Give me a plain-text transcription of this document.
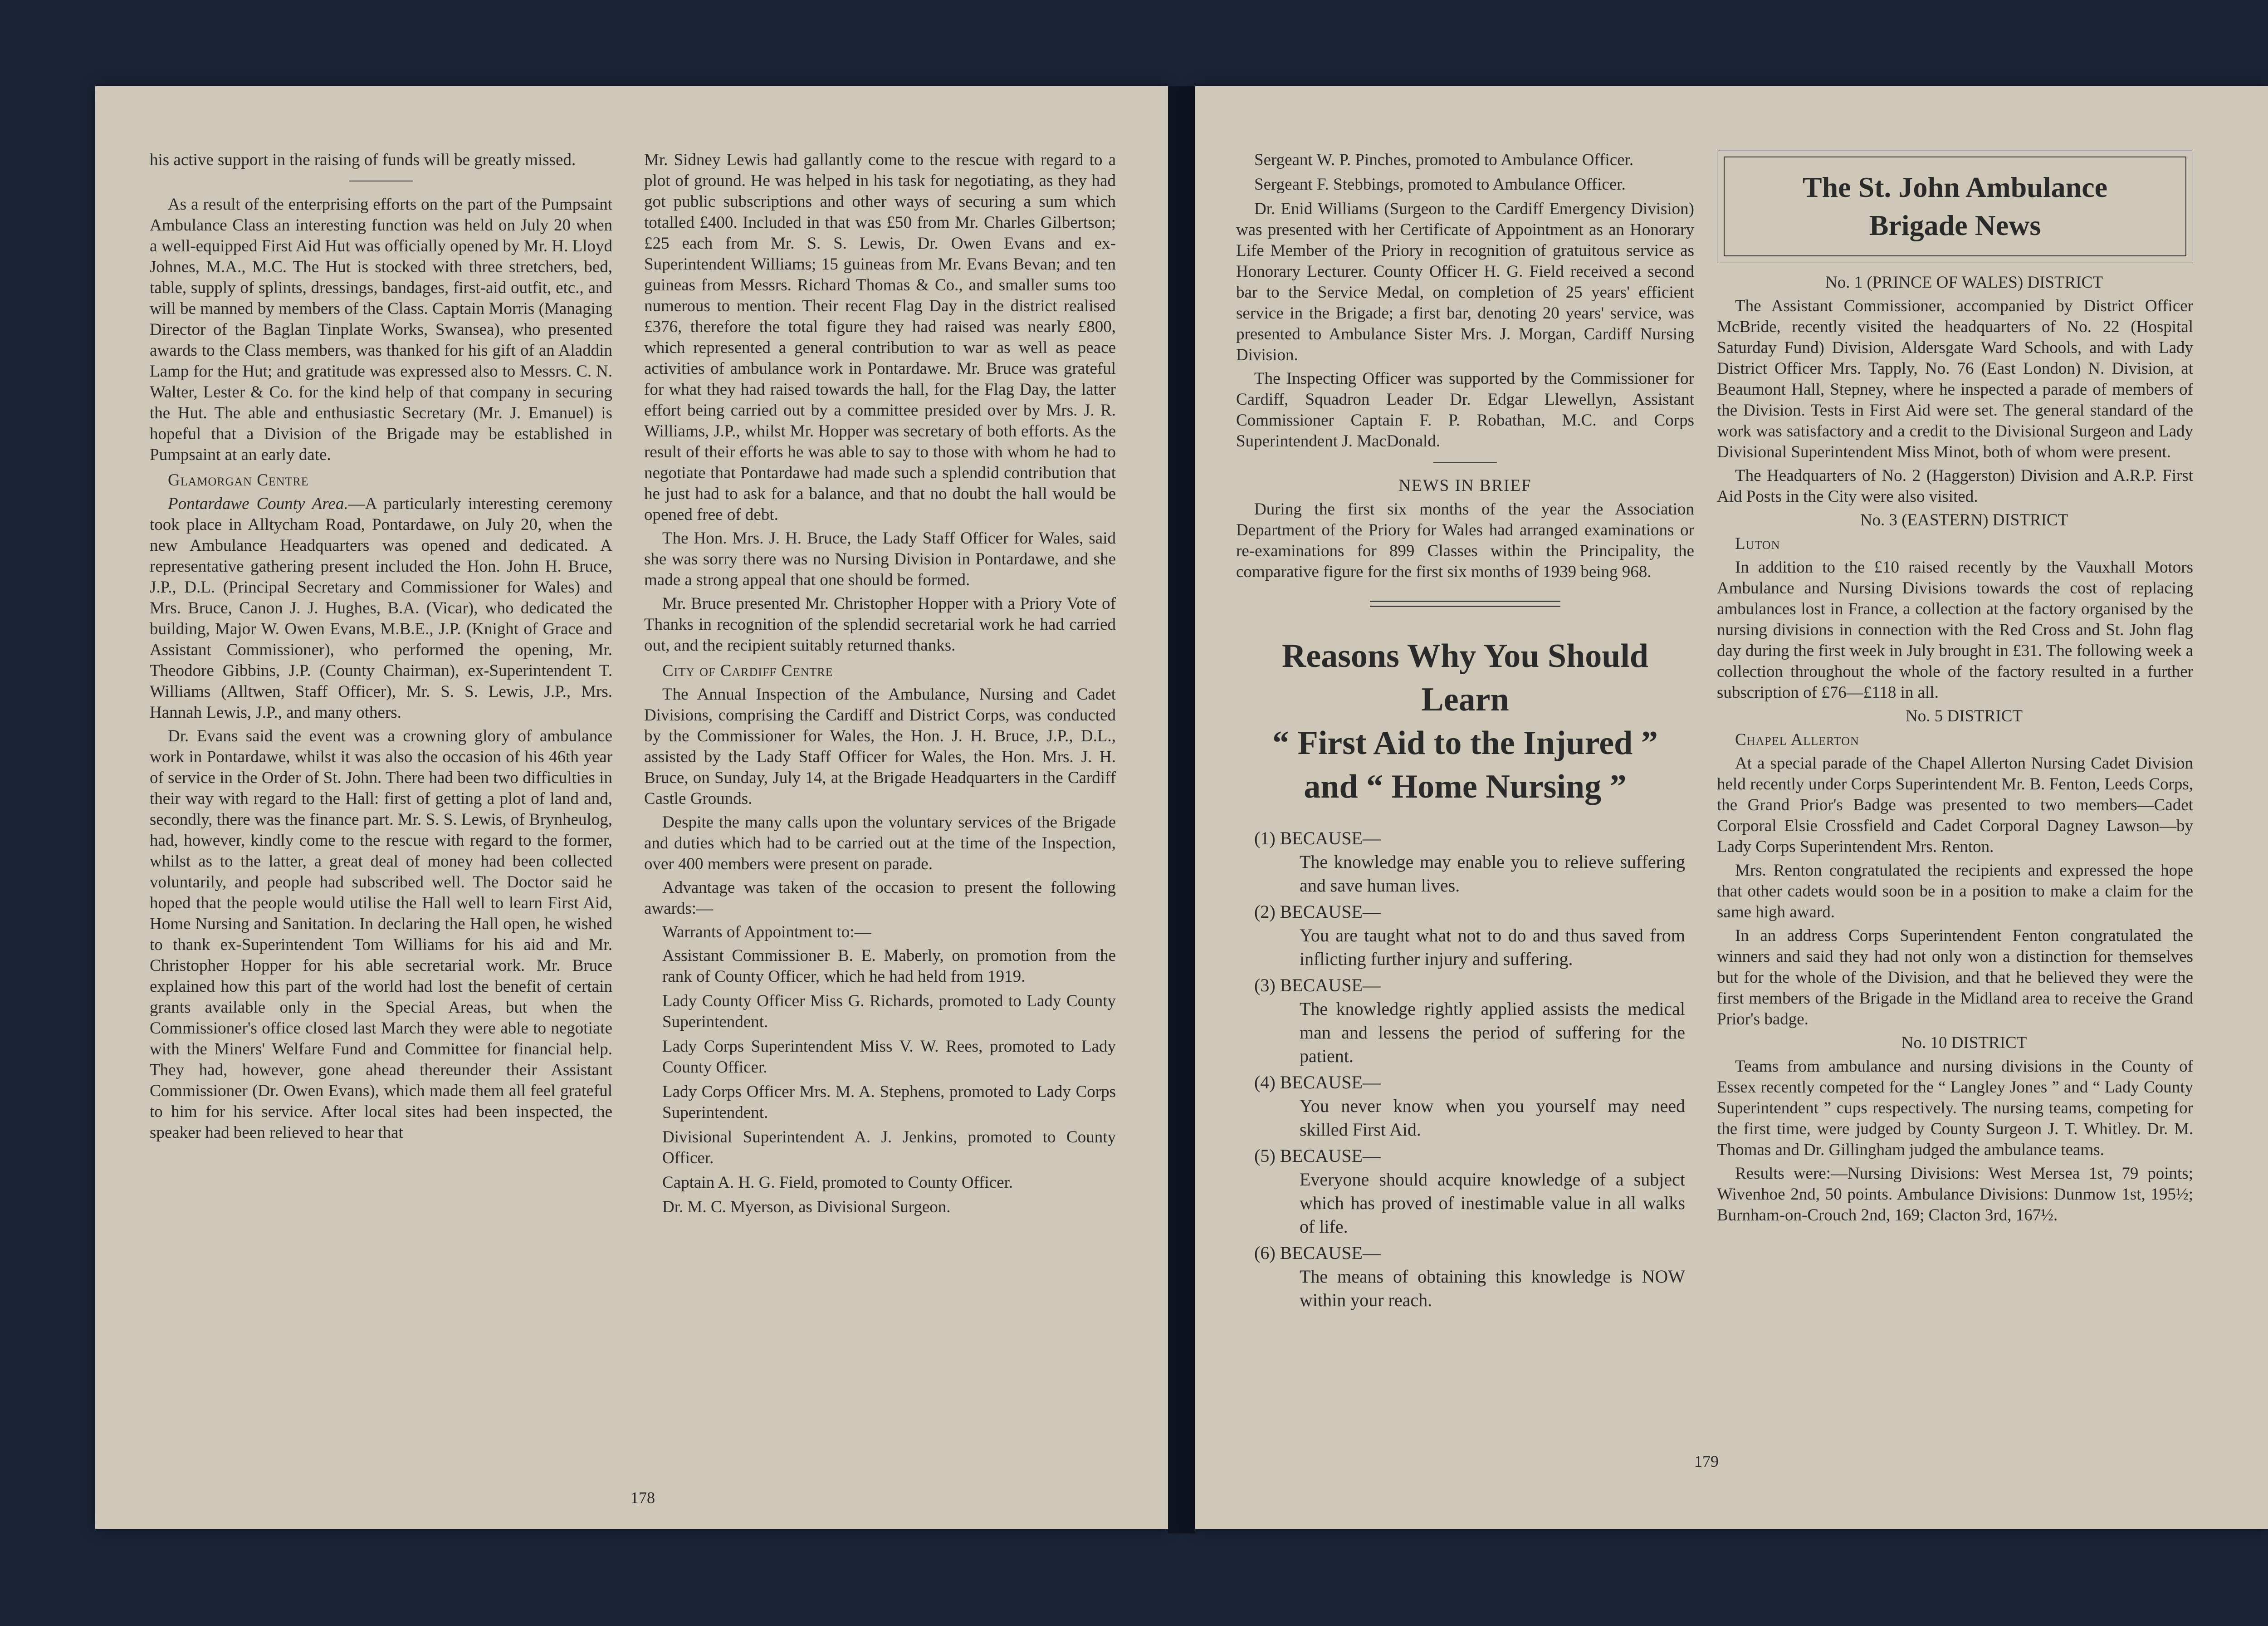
his active support in the raising of funds will be greatly missed.

As a result of the enterprising efforts on the part of the Pumpsaint Ambulance Class an interesting function was held on July 20 when a well-equipped First Aid Hut was officially opened by Mr. H. Lloyd Johnes, M.A., M.C. The Hut is stocked with three stretchers, bed, table, supply of splints, dressings, bandages, first-aid outfit, etc., and will be manned by members of the Class. Captain Morris (Managing Director of the Baglan Tinplate Works, Swansea), who presented awards to the Class members, was thanked for his gift of an Aladdin Lamp for the Hut; and gratitude was expressed also to Messrs. C. N. Walter, Lester & Co. for the kind help of that company in securing the Hut. The able and enthusiastic Secretary (Mr. J. Emanuel) is hopeful that a Division of the Brigade may be established in Pumpsaint at an early date.

Glamorgan Centre

Pontardawe County Area.—A particularly interesting ceremony took place in Alltycham Road, Pontardawe, on July 20, when the new Ambulance Headquarters was opened and dedicated. A representative gathering present included the Hon. John H. Bruce, J.P., D.L. (Principal Secretary and Commissioner for Wales) and Mrs. Bruce, Canon J. J. Hughes, B.A. (Vicar), who dedicated the building, Major W. Owen Evans, M.B.E., J.P. (Knight of Grace and Assistant Commissioner), who performed the opening, Mr. Theodore Gibbins, J.P. (County Chairman), ex-Superintendent T. Williams (Alltwen, Staff Officer), Mr. S. S. Lewis, J.P., Mrs. Hannah Lewis, J.P., and many others.

Dr. Evans said the event was a crowning glory of ambulance work in Pontardawe, whilst it was also the occasion of his 46th year of service in the Order of St. John. There had been two difficulties in their way with regard to the Hall: first of getting a plot of land and, secondly, there was the finance part. Mr. S. S. Lewis, of Brynheulog, had, however, kindly come to the rescue with regard to the former, whilst as to the latter, a great deal of money had been collected voluntarily, and people had subscribed well. The Doctor said he hoped that the people would utilise the Hall well to learn First Aid, Home Nursing and Sanitation. In declaring the Hall open, he wished to thank ex-Superintendent Tom Williams for his aid and Mr. Christopher Hopper for his able secretarial work. Mr. Bruce explained how this part of the world had lost the benefit of certain grants available only in the Special Areas, but when the Commissioner's office closed last March they were able to negotiate with the Miners' Welfare Fund and Committee for financial help. They had, however, gone ahead thereunder their Assistant Commissioner (Dr. Owen Evans), which made them all feel grateful to him for his service. After local sites had been inspected, the speaker had been relieved to hear that

Mr. Sidney Lewis had gallantly come to the rescue with regard to a plot of ground. He was helped in his task for negotiating, as they had got public subscriptions and other ways of securing a sum which totalled £400. Included in that was £50 from Mr. Charles Gilbertson; £25 each from Mr. S. S. Lewis, Dr. Owen Evans and ex-Superintendent Williams; 15 guineas from Mr. Evans Bevan; and ten guineas from Messrs. Richard Thomas & Co., and smaller sums too numerous to mention. Their recent Flag Day in the district realised £376, therefore the total figure they had raised was nearly £800, which represented a general contribution to war as well as peace activities of ambulance work in Pontardawe. Mr. Bruce was grateful for what they had raised towards the hall, for the Flag Day, the latter effort being carried out by a committee presided over by Mrs. J. R. Williams, J.P., whilst Mr. Hopper was secretary of both efforts. As the result of their efforts he was able to say to those with whom he had to negotiate that Pontardawe had made such a splendid contribution that he just had to ask for a balance, and that no doubt the hall would be opened free of debt.

The Hon. Mrs. J. H. Bruce, the Lady Staff Officer for Wales, said she was sorry there was no Nursing Division in Pontardawe, and she made a strong appeal that one should be formed.

Mr. Bruce presented Mr. Christopher Hopper with a Priory Vote of Thanks in recognition of the splendid secretarial work he had carried out, and the recipient suitably returned thanks.

City of Cardiff Centre

The Annual Inspection of the Ambulance, Nursing and Cadet Divisions, comprising the Cardiff and District Corps, was conducted by the Commissioner for Wales, the Hon. J. H. Bruce, J.P., D.L., assisted by the Lady Staff Officer for Wales, the Hon. Mrs. J. H. Bruce, on Sunday, July 14, at the Brigade Headquarters in the Cardiff Castle Grounds.

Despite the many calls upon the voluntary services of the Brigade and duties which had to be carried out at the time of the Inspection, over 400 members were present on parade.

Advantage was taken of the occasion to present the following awards:—

Warrants of Appointment to:—

Assistant Commissioner B. E. Maberly, on promotion from the rank of County Officer, which he had held from 1919.

Lady County Officer Miss G. Richards, promoted to Lady County Superintendent.

Lady Corps Superintendent Miss V. W. Rees, promoted to Lady County Officer.

Lady Corps Officer Mrs. M. A. Stephens, promoted to Lady Corps Superintendent.

Divisional Superintendent A. J. Jenkins, promoted to County Officer.

Captain A. H. G. Field, promoted to County Officer.

Dr. M. C. Myerson, as Divisional Surgeon.

178

Sergeant W. P. Pinches, promoted to Ambulance Officer.

Sergeant F. Stebbings, promoted to Ambulance Officer.

Dr. Enid Williams (Surgeon to the Cardiff Emergency Division) was presented with her Certificate of Appointment as an Honorary Life Member of the Priory in recognition of gratuitous service as Honorary Lecturer. County Officer H. G. Field received a second bar to the Service Medal, on completion of 25 years' efficient service in the Brigade; a first bar, denoting 20 years' service, was presented to Ambulance Sister Mrs. J. Morgan, Cardiff Nursing Division.

The Inspecting Officer was supported by the Commissioner for Cardiff, Squadron Leader Dr. Edgar Llewellyn, Assistant Commissioner Captain F. P. Robathan, M.C. and Corps Superintendent J. MacDonald.

NEWS IN BRIEF

During the first six months of the year the Association Department of the Priory for Wales had arranged examinations or re-examinations for 899 Classes within the Principality, the comparative figure for the first six months of 1939 being 968.

Reasons Why You Should Learn
“ First Aid to the Injured ”
and “ Home Nursing ”

(1) BECAUSE—
The knowledge may enable you to relieve suffering and save human lives.

(2) BECAUSE—
You are taught what not to do and thus saved from inflicting further injury and suffering.

(3) BECAUSE—
The knowledge rightly applied assists the medical man and lessens the period of suffering for the patient.

(4) BECAUSE—
You never know when you yourself may need skilled First Aid.

(5) BECAUSE—
Everyone should acquire knowledge of a subject which has proved of inestimable value in all walks of life.

(6) BECAUSE—
The means of obtaining this knowledge is NOW within your reach.

The St. John Ambulance
Brigade News

No. 1 (PRINCE OF WALES) DISTRICT

The Assistant Commissioner, accompanied by District Officer McBride, recently visited the headquarters of No. 22 (Hospital Saturday Fund) Division, Aldersgate Ward Schools, and with Lady District Officer Mrs. Tapply, No. 76 (East London) N. Division, at Beaumont Hall, Stepney, where he inspected a parade of members of the Division. Tests in First Aid were set. The general standard of the work was satisfactory and a credit to the Divisional Surgeon and Lady Divisional Superintendent Miss Minot, both of whom were present.

The Headquarters of No. 2 (Haggerston) Division and A.R.P. First Aid Posts in the City were also visited.

No. 3 (EASTERN) DISTRICT

Luton

In addition to the £10 raised recently by the Vauxhall Motors Ambulance and Nursing Divisions towards the cost of replacing ambulances lost in France, a collection at the factory organised by the nursing divisions in connection with the Red Cross and St. John flag day during the first week in July brought in £31. The following week a collection throughout the whole of the factory resulted in a further subscription of £76—£118 in all.

No. 5 DISTRICT

Chapel Allerton

At a special parade of the Chapel Allerton Nursing Cadet Division held recently under Corps Superintendent Mr. B. Fenton, Leeds Corps, the Grand Prior's Badge was presented to two members—Cadet Corporal Elsie Crossfield and Cadet Corporal Dagney Lawson—by Lady Corps Superintendent Mrs. Renton.

Mrs. Renton congratulated the recipients and expressed the hope that other cadets would soon be in a position to make a claim for the same high award.

In an address Corps Superintendent Fenton congratulated the winners and said they had not only won a distinction for themselves but for the whole of the Division, and that he believed they were the first members of the Brigade in the Midland area to receive the Grand Prior's badge.

No. 10 DISTRICT

Teams from ambulance and nursing divisions in the County of Essex recently competed for the “ Langley Jones ” and “ Lady County Superintendent ” cups respectively. The nursing teams, competing for the first time, were judged by County Surgeon J. T. Whitley. Dr. M. Thomas and Dr. Gillingham judged the ambulance teams.

Results were:—Nursing Divisions: West Mersea 1st, 79 points; Wivenhoe 2nd, 50 points. Ambulance Divisions: Dunmow 1st, 195½; Burnham-on-Crouch 2nd, 169; Clacton 3rd, 167½.

179
